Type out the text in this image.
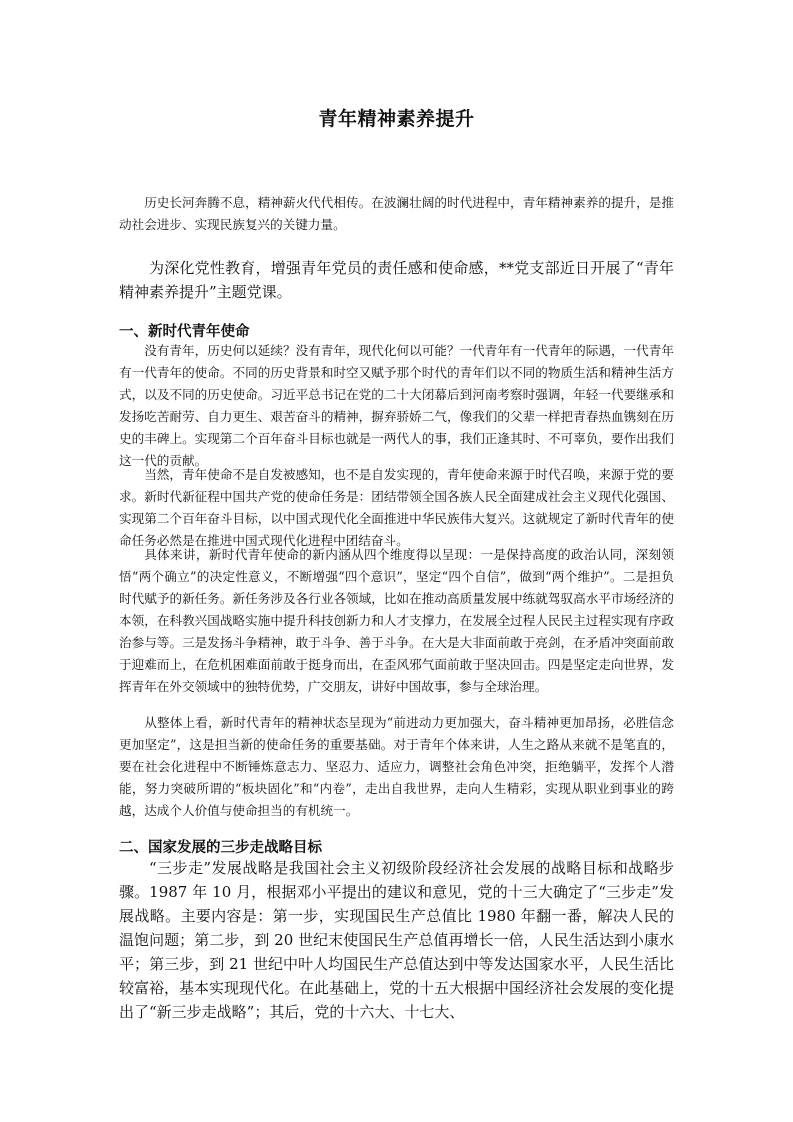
青年精神素养提升

历史长河奔腾不息，精神薪火代代相传。在波澜壮阔的时代进程中，青年精神素养的提升，是推动社会进步、实现民族复兴的关键力量。

为深化党性教育，增强青年党员的责任感和使命感，**党支部近日开展了“青年精神素养提升”主题党课。

一、新时代青年使命

没有青年，历史何以延续？没有青年，现代化何以可能？一代青年有一代青年的际遇，一代青年有一代青年的使命。不同的历史背景和时空又赋予那个时代的青年们以不同的物质生活和精神生活方式，以及不同的历史使命。习近平总书记在党的二十大闭幕后到河南考察时强调，年轻一代要继承和发扬吃苦耐劳、自力更生、艰苦奋斗的精神，摒弃骄娇二气，像我们的父辈一样把青春热血镌刻在历史的丰碑上。实现第二个百年奋斗目标也就是一两代人的事，我们正逢其时、不可辜负，要作出我们这一代的贡献。

当然，青年使命不是自发被感知，也不是自发实现的，青年使命来源于时代召唤，来源于党的要求。新时代新征程中国共产党的使命任务是：团结带领全国各族人民全面建成社会主义现代化强国、实现第二个百年奋斗目标，以中国式现代化全面推进中华民族伟大复兴。这就规定了新时代青年的使命任务必然是在推进中国式现代化进程中团结奋斗。

具体来讲，新时代青年使命的新内涵从四个维度得以呈现：一是保持高度的政治认同，深刻领悟“两个确立”的决定性意义，不断增强“四个意识”，坚定“四个自信”，做到“两个维护”。二是担负时代赋予的新任务。新任务涉及各行业各领域，比如在推动高质量发展中练就驾驭高水平市场经济的本领，在科教兴国战略实施中提升科技创新力和人才支撑力，在发展全过程人民民主过程实现有序政治参与等。三是发扬斗争精神，敢于斗争、善于斗争。在大是大非面前敢于亮剑，在矛盾冲突面前敢于迎难而上，在危机困难面前敢于挺身而出，在歪风邪气面前敢于坚决回击。四是坚定走向世界，发挥青年在外交领域中的独特优势，广交朋友，讲好中国故事，参与全球治理。

从整体上看，新时代青年的精神状态呈现为“前进动力更加强大，奋斗精神更加昂扬，必胜信念更加坚定”，这是担当新的使命任务的重要基础。对于青年个体来讲，人生之路从来就不是笔直的，要在社会化进程中不断锤炼意志力、坚忍力、适应力，调整社会角色冲突，拒绝躺平，发挥个人潜能，努力突破所谓的“板块固化”和“内卷”，走出自我世界，走向人生精彩，实现从职业到事业的跨越，达成个人价值与使命担当的有机统一。

二、国家发展的三步走战略目标

“三步走”发展战略是我国社会主义初级阶段经济社会发展的战略目标和战略步骤。1987 年 10 月，根据邓小平提出的建议和意见，党的十三大确定了“三步走”发展战略。主要内容是：第一步，实现国民生产总值比 1980 年翻一番，解决人民的温饱问题；第二步，到 20 世纪末使国民生产总值再增长一倍，人民生活达到小康水平；第三步，到 21 世纪中叶人均国民生产总值达到中等发达国家水平，人民生活比较富裕，基本实现现代化。在此基础上，党的十五大根据中国经济社会发展的变化提出了“新三步走战略”；其后，党的十六大、十七大、
